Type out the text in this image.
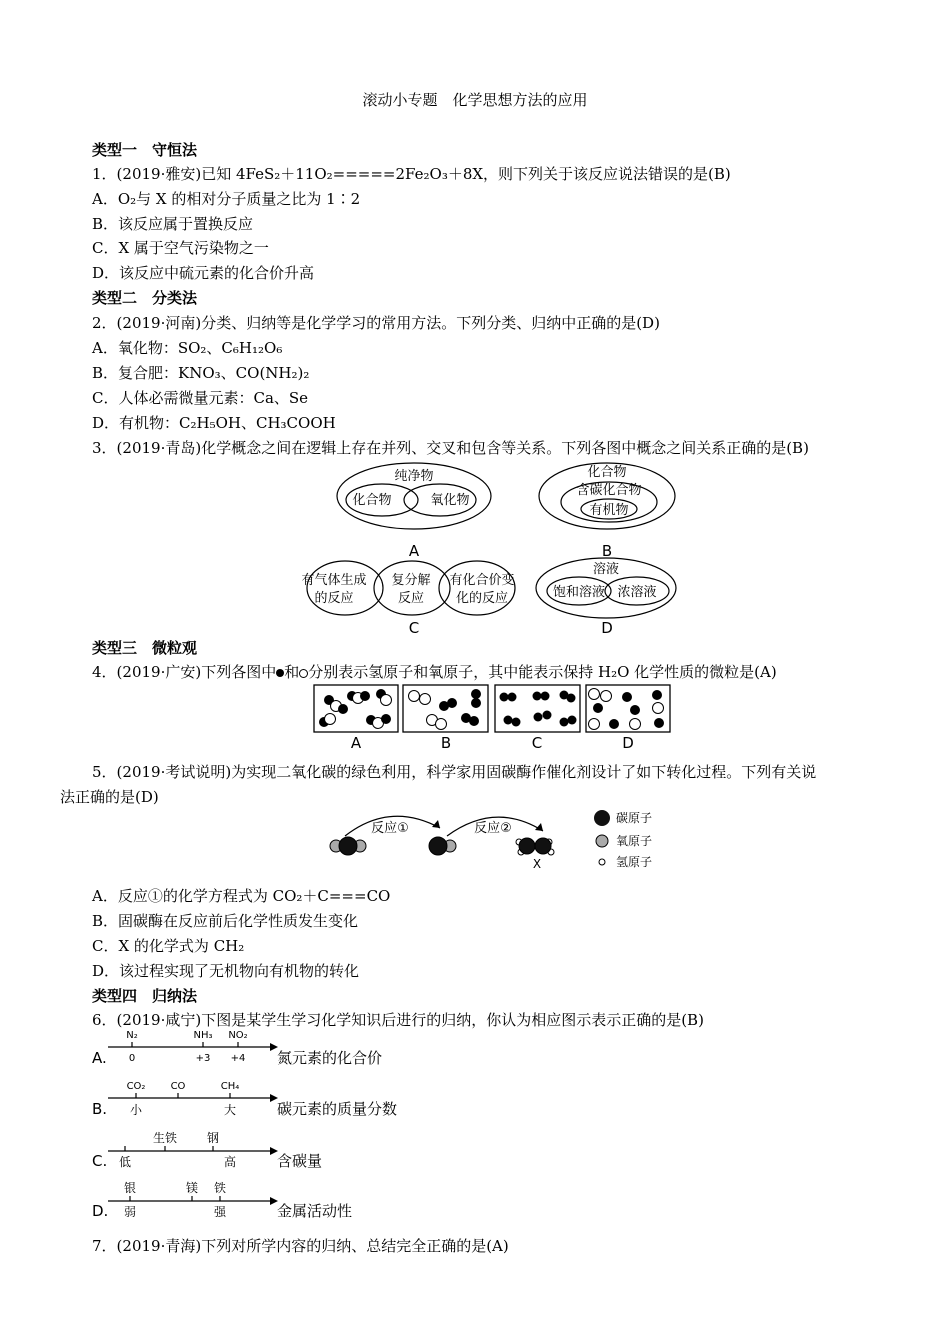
滚动小专题　化学思想方法的应用
类型一　守恒法
1．(2019·雅安)已知 4FeS₂＋11O₂=====2Fe₂O₃＋8X，则下列关于该反应说法错误的是(B)
A．O₂与 X 的相对分子质量之比为 1∶2
B．该反应属于置换反应
C．X 属于空气污染物之一
D．该反应中硫元素的化合价升高
类型二　分类法
2．(2019·河南)分类、归纳等是化学学习的常用方法。下列分类、归纳中正确的是(D)
A．氧化物：SO₂、C₆H₁₂O₆
B．复合肥：KNO₃、CO(NH₂)₂
C．人体必需微量元素：Ca、Se
D．有机物：C₂H₅OH、CH₃COOH
3．(2019·青岛)化学概念之间在逻辑上存在并列、交叉和包含等关系。下列各图中概念之间关系正确的是(B)
纯净物
化合物	氧化物
化合物
含碳化合物
有机物
有气体生成
的反应
复分解
反应
有化合价变
化的反应
溶液
饱和溶液 浓溶液
A	B
C	D
类型三　微粒观
4．(2019·广安)下列各图中 和 分别表示氢原子和氧原子，其中能表示保持 H₂O 化学性质的微粒是(A)
A	B	C	D
5．(2019·考试说明)为实现二氧化碳的绿色利用，科学家用固碳酶作催化剂设计了如下转化过程。下列有关说
法正确的是(D)
反应①	反应②
X
碳原子
氧原子
氢原子
A．反应①的化学方程式为 CO₂＋C===CO
B．固碳酶在反应前后化学性质发生变化
C．X 的化学式为 CH₂
D．该过程实现了无机物向有机物的转化
类型四　归纳法
6．(2019·咸宁)下图是某学生学习化学知识后进行的归纳，你认为相应图示表示正确的是(B)
A.
B.
C.
D.
N₂	NH₃ NO₂
0	+3 +4
CO₂	CO	CH₄
小	大
生铁 钢
低	高
银	镁 铁
弱	强
氮元素的化合价
碳元素的质量分数
含碳量
金属活动性
7．(2019·青海)下列对所学内容的归纳、总结完全正确的是(A)
